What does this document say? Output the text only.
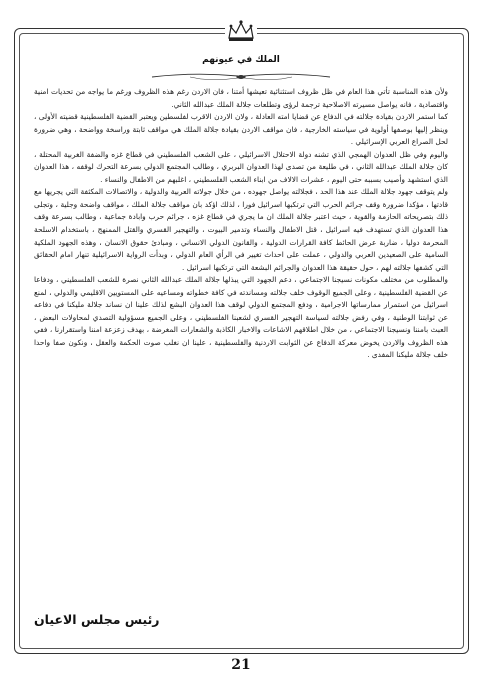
الملك في عيونهم

ولأن هذه المناسبة تأتي هذا العام في ظل ظروف استثنائية تعيشها أمتنا ، فان الاردن رغم هذه الظروف ورغم ما يواجه من تحديات امنية واقتصادية ، فانه يواصل مسيرته الاصلاحية ترجمة لرؤى وتطلعات جلالة الملك عبدالله الثاني.

كما استمر الاردن بقيادة جلالته في الدفاع عن قضايا امته العادلة ، ولان الاردن الاقرب لفلسطين ويعتبر القضية الفلسطينية قضيته الأولى ، وينظر إليها بوصفها أولوية في سياسته الخارجية ، فان مواقف الاردن بقيادة جلالة الملك هي مواقف ثابتة وراسخة وواضحة ، وهي ضرورة لحل الصراع العربي الإسرائيلي .

واليوم وفي ظل العدوان الهمجي الذي تشنه دولة الاحتلال الاسرائيلي ، على الشعب الفلسطيني في قطاع غزه والضفة الغربية المحتلة ، كان جلالة الملك عبدالله الثاني ، في طليعة من تصدى لهذا العدوان البربري ، وطالب المجتمع الدولي بسرعة التحرك لوقفه ، هذا العدوان الذي استشهد وأصيب بسببه حتى اليوم ، عشرات الالاف من ابناء الشعب الفلسطيني ، اغلبهم من الاطفال والنساء .

ولم يتوقف جهود جلالة الملك عند هذا الحد ، فجلالته يواصل جهوده ، من خلال جولاته العربية والدولية ، والاتصالات المكثفة التي يجريها مع قادتها ، مؤكدا ضرورة وقف جرائم الحرب التي ترتكبها اسرائيل فورا ، لذلك اؤكد بان مواقف جلالة الملك ، مواقف واضحة وجلية ، وتجلى ذلك بتصريحاته الحازمة والقوية ، حيث اعتبر جلالة الملك ان ما يجري في قطاع غزه ، جرائم حرب وابادة جماعية ، وطالب بسرعة وقف هذا العدوان الذي تستهدف فيه اسرائيل ، قتل الاطفال والنساء وتدمير البيوت ، والتهجير القسري والقتل الممنهج ، باستخدام الاسلحة المحرمة دوليا ، ضاربة عرض الحائط كافة القرارات الدولية ، والقانون الدولي الانساني ، ومبادئ حقوق الانسان ، وهذه الجهود الملكية السامية على الصعيدين العربي والدولي ، عملت على احداث تغيير في الرأي العام الدولي ، وبدأت الرواية الاسرائيلية تنهار امام الحقائق التي كشفها جلالته لهم ، حول حقيقة هذا العدوان والجرائم البشعة التي ترتكبها اسرائيل .

والمطلوب من مختلف مكونات نسيجنا الاجتماعي ، دعم الجهود التي يبذلها جلالة الملك عبدالله الثاني نصرة للشعب الفلسطيني ، ودفاعا عن القضية الفلسطينية ، وعلى الجميع الوقوف خلف جلالته ومساندته في كافة خطواته ومساعيه على المستويين الاقليمي والدولي ، لمنع اسرائيل من استمرار ممارساتها الاجرامية ، ودفع المجتمع الدولي لوقف هذا العدوان البشع لذلك علينا ان نساند جلالة مليكنا في دفاعه عن ثوابتنا الوطنية ، وفي رفض جلالته لسياسة التهجير القسري لشعبنا الفلسطيني ، وعلى الجميع مسؤولية التصدي لمحاولات البعض ، العبث بامننا ونسيجنا الاجتماعي ، من خلال اطلاقهم الاشاعات والاخبار الكاذبة والشعارات المغرضة ، بهدف زعزعة امننا واستقرارنا ، ففي هذه الظروف والاردن يخوض معركة الدفاع عن الثوابت الاردنية والفلسطينية ، علينا ان نغلب صوت الحكمة والعقل ، ونكون صفا واحدا خلف جلالة مليكنا المفدى .

رئيس مجلس الاعيان
21
